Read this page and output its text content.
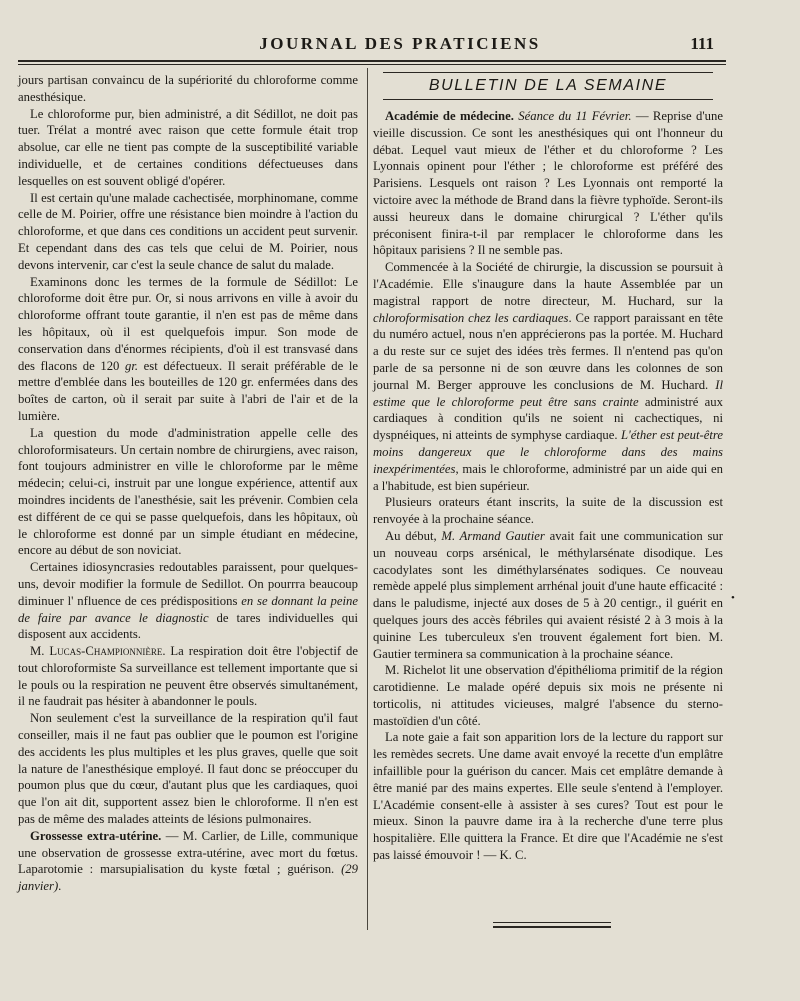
JOURNAL DES PRATICIENS	111

jours partisan convaincu de la supériorité du chloroforme comme anesthésique.

Le chloroforme pur, bien administré, a dit Sédillot, ne doit pas tuer. Trélat a montré avec raison que cette formule était trop absolue, car elle ne tient pas compte de la susceptibilité variable individuelle, et de certaines conditions défectueuses dans lesquelles on est souvent obligé d'opérer.

Il est certain qu'une malade cachectisée, morphinomane, comme celle de M. Poirier, offre une résistance bien moindre à l'action du chloroforme, et que dans ces conditions un accident peut survenir. Et cependant dans des cas tels que celui de M. Poirier, nous devons intervenir, car c'est la seule chance de salut du malade.

Examinons donc les termes de la formule de Sédillot: Le chloroforme doit être pur. Or, si nous arrivons en ville à avoir du chloroforme offrant toute garantie, il n'en est pas de même dans les hôpitaux, où il est quelquefois impur. Son mode de conservation dans d'énormes récipients, d'où il est transvasé dans des flacons de 120 gr. est défectueux. Il serait préférable de le mettre d'emblée dans les bouteilles de 120 gr. enfermées dans des boîtes de carton, où il serait par suite à l'abri de l'air et de la lumière.

La question du mode d'administration appelle celle des chloroformisateurs. Un certain nombre de chirurgiens, avec raison, font toujours administrer en ville le chloroforme par le même médecin; celui-ci, instruit par une longue expérience, attentif aux moindres incidents de l'anesthésie, sait les prévenir. Combien cela est différent de ce qui se passe quelquefois, dans les hôpitaux, où le chloroforme est donné par un simple étudiant en médecine, encore au début de son noviciat.

Certaines idiosyncrasies redoutables paraissent, pour quelques-uns, devoir modifier la formule de Sedillot. On pourrra beaucoup diminuer l' nfluence de ces prédispositions en se donnant la peine de faire par avance le diagnostic de tares individuelles qui disposent aux accidents.

M. Lucas-Championnière. La respiration doit être l'objectif de tout chloroformiste Sa surveillance est tellement importante que si le pouls ou la respiration ne peuvent être observés simultanément, il ne faudrait pas hésiter à abandonner le pouls.

Non seulement c'est la surveillance de la respiration qu'il faut conseiller, mais il ne faut pas oublier que le poumon est l'origine des accidents les plus multiples et les plus graves, quelle que soit la nature de l'anesthésique employé. Il faut donc se préoccuper du poumon plus que du cœur, d'autant plus que les cardiaques, quoi que l'on ait dit, supportent assez bien le chloroforme. Il n'en est pas de même des malades atteints de lésions pulmonaires.

Grossesse extra-utérine. — M. Carlier, de Lille, communique une observation de grossesse extra-utérine, avec mort du fœtus. Laparotomie : marsupialisation du kyste fœtal ; guérison. (29 janvier).

BULLETIN DE LA SEMAINE

Académie de médecine. Séance du 11 Février. — Reprise d'une vieille discussion. Ce sont les anesthésiques qui ont l'honneur du débat. Lequel vaut mieux de l'éther et du chloroforme ? Les Lyonnais opinent pour l'éther ; le chloroforme est préféré des Parisiens. Lesquels ont raison ? Les Lyonnais ont remporté la victoire avec la méthode de Brand dans la fièvre typhoïde. Seront-ils aussi heureux dans le domaine chirurgical ? L'éther qu'ils préconisent finira-t-il par remplacer le chloroforme dans les hôpitaux parisiens ? Il ne semble pas.

Commencée à la Société de chirurgie, la discussion se poursuit à l'Académie. Elle s'inaugure dans la haute Assemblée par un magistral rapport de notre directeur, M. Huchard, sur la chloroformisation chez les cardiaques. Ce rapport paraissant en tête du numéro actuel, nous n'en apprécierons pas la portée. M. Huchard a du reste sur ce sujet des idées très fermes. Il n'entend pas qu'on parle de sa personne ni de son œuvre dans les colonnes de son journal M. Berger approuve les conclusions de M. Huchard. Il estime que le chloroforme peut être sans crainte administré aux cardiaques à condition qu'ils ne soient ni cachectiques, ni dyspnéiques, ni atteints de symphyse cardiaque. L'éther est peut-être moins dangereux que le chloroforme dans des mains inexpérimentées, mais le chloroforme, administré par un aide qui en a l'habitude, est bien supérieur.

Plusieurs orateurs étant inscrits, la suite de la discussion est renvoyée à la prochaine séance.

Au début, M. Armand Gautier avait fait une communication sur un nouveau corps arsénical, le méthylarsénate disodique. Les cacodylates sont les diméthylarsénates sodiques. Ce nouveau remède appelé plus simplement arrhénal jouit d'une haute efficacité : dans le paludisme, injecté aux doses de 5 à 20 centigr., il guérit en quelques jours des accès fébriles qui avaient résisté 2 à 3 mois à la quinine Les tuberculeux s'en trouvent également fort bien. M. Gautier terminera sa communication à la prochaine séance.

M. Richelot lit une observation d'épithélioma primitif de la région carotidienne. Le malade opéré depuis six mois ne présente ni torticolis, ni attitudes vicieuses, malgré l'absence du sterno-mastoïdien d'un côté.

La note gaie a fait son apparition lors de la lecture du rapport sur les remèdes secrets. Une dame avait envoyé la recette d'un emplâtre infaillible pour la guérison du cancer. Mais cet emplâtre demande à être manié par des mains expertes. Elle seule s'entend à l'employer. L'Académie consent-elle à assister à ses cures? Tout est pour le mieux. Sinon la pauvre dame ira à la recherche d'une terre plus hospitalière. Elle quittera la France. Et dire que l'Académie ne s'est pas laissé émouvoir ! — K. C.

•
